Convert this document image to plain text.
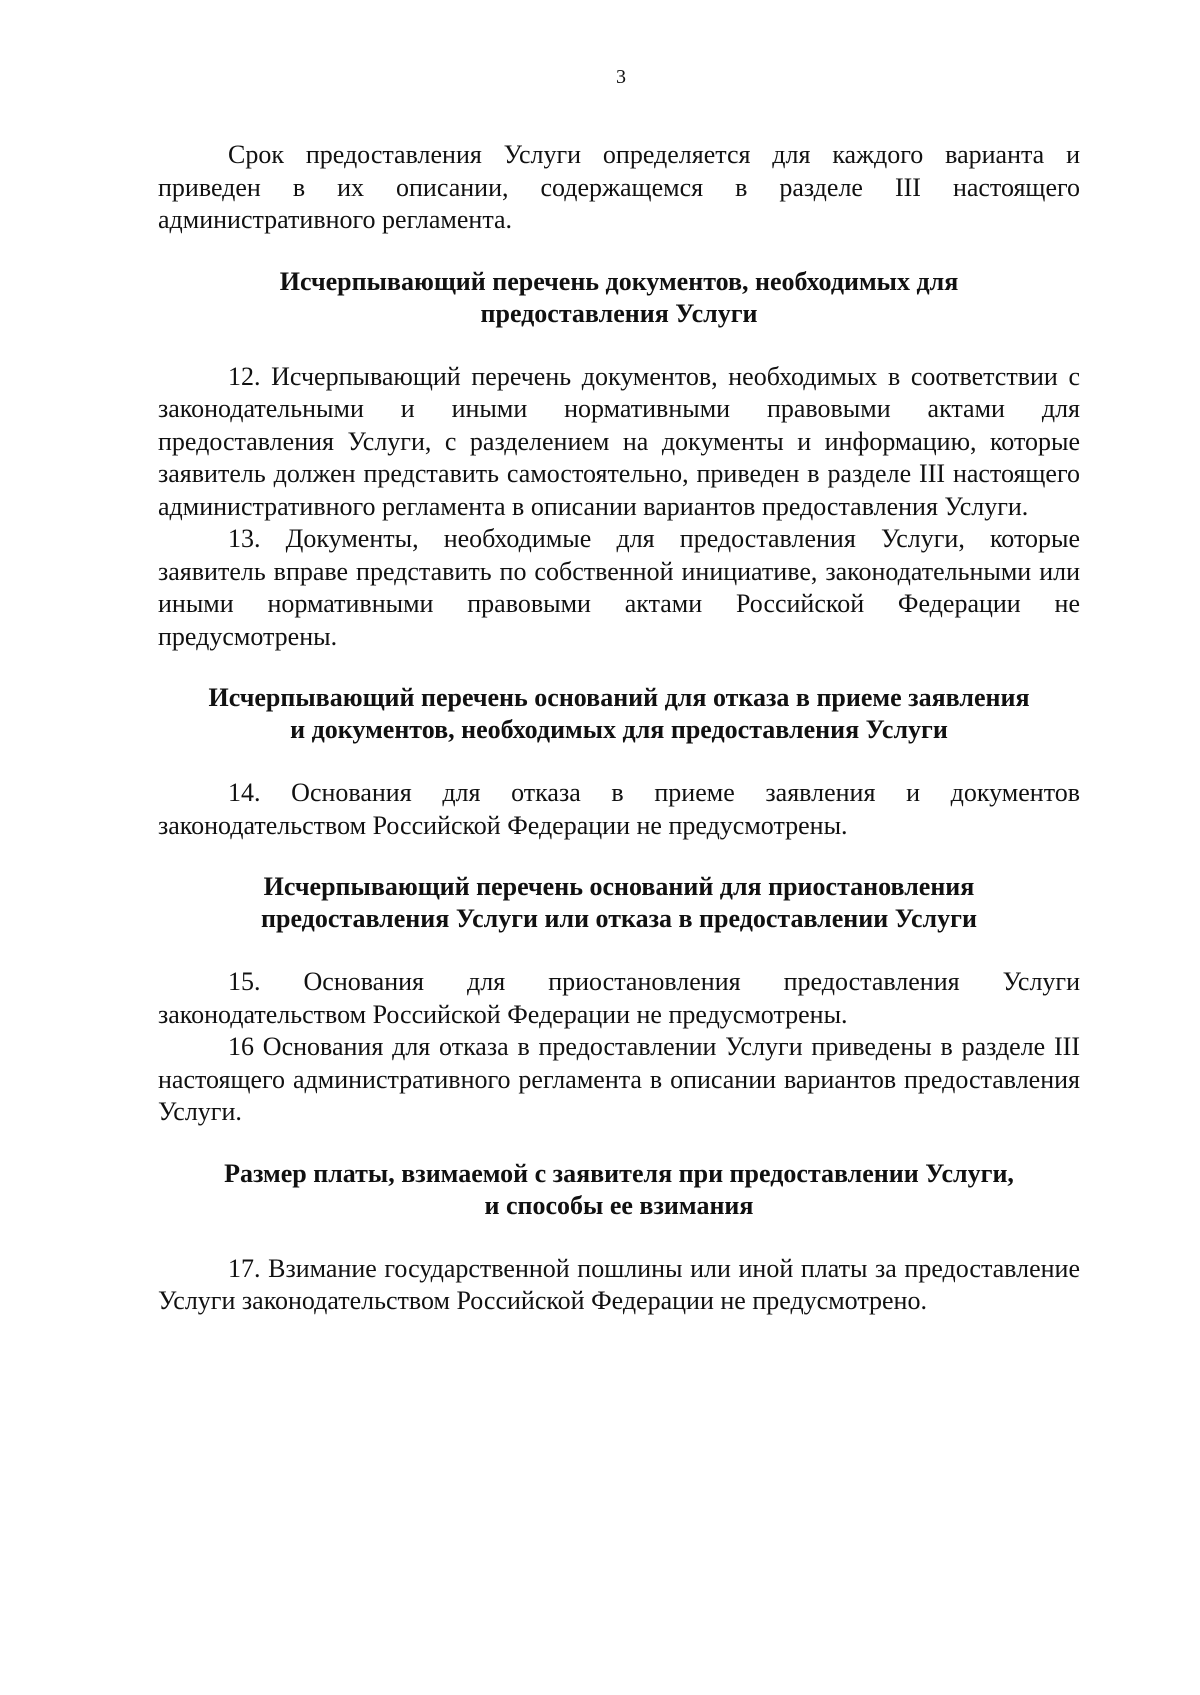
3

Срок предоставления Услуги определяется для каждого варианта и приведен в их описании, содержащемся в разделе III настоящего административного регламента.

Исчерпывающий перечень документов, необходимых для
предоставления Услуги

12. Исчерпывающий перечень документов, необходимых в соответствии с законодательными и иными нормативными правовыми актами для предоставления Услуги, с разделением на документы и информацию, которые заявитель должен представить самостоятельно, приведен в разделе III настоящего административного регламента в описании вариантов предоставления Услуги.

13. Документы, необходимые для предоставления Услуги, которые заявитель вправе представить по собственной инициативе, законодательными или иными нормативными правовыми актами Российской Федерации не предусмотрены.

Исчерпывающий перечень оснований для отказа в приеме заявления
и документов, необходимых для предоставления Услуги

14. Основания для отказа в приеме заявления и документов законодательством Российской Федерации не предусмотрены.

Исчерпывающий перечень оснований для приостановления
предоставления Услуги или отказа в предоставлении Услуги

15. Основания для приостановления предоставления Услуги законодательством Российской Федерации не предусмотрены.

16 Основания для отказа в предоставлении Услуги приведены в разделе III настоящего административного регламента в описании вариантов предоставления Услуги.

Размер платы, взимаемой с заявителя при предоставлении Услуги,
и способы ее взимания

17. Взимание государственной пошлины или иной платы за предоставление Услуги законодательством Российской Федерации не предусмотрено.
